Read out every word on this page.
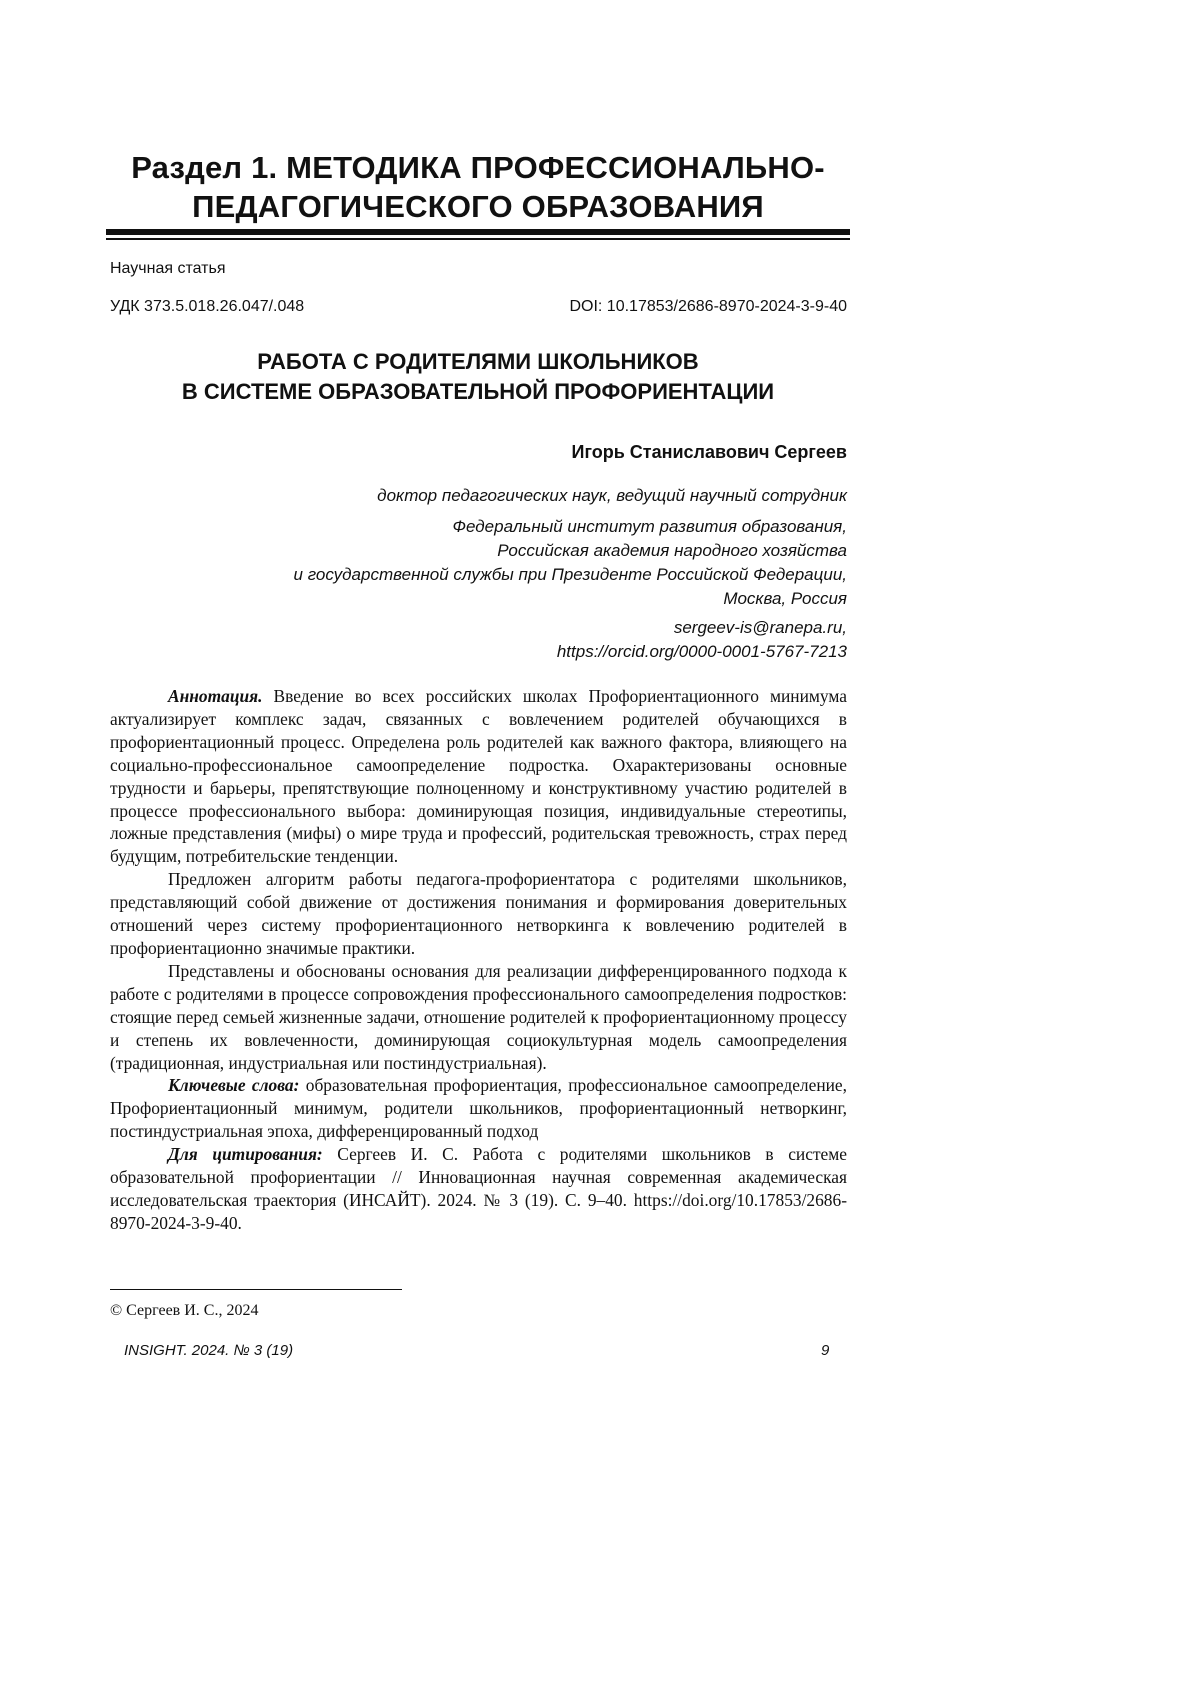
Раздел 1. МЕТОДИКА ПРОФЕССИОНАЛЬНО-
ПЕДАГОГИЧЕСКОГО ОБРАЗОВАНИЯ
Научная статья
УДК 373.5.018.26.047/.048	DOI: 10.17853/2686-8970-2024-3-9-40
РАБОТА С РОДИТЕЛЯМИ ШКОЛЬНИКОВ
В СИСТЕМЕ ОБРАЗОВАТЕЛЬНОЙ ПРОФОРИЕНТАЦИИ
Игорь Станиславович Сергеев
доктор педагогических наук, ведущий научный сотрудник
Федеральный институт развития образования,
Российская академия народного хозяйства
и государственной службы при Президенте Российской Федерации,
Москва, Россия
sergeev-is@ranepa.ru,
https://orcid.org/0000-0001-5767-7213

Аннотация. Введение во всех российских школах Профориентационного минимума актуализирует комплекс задач, связанных с вовлечением родителей обучающихся в профориентационный процесс. Определена роль родителей как важного фактора, влияющего на социально-профессиональное самоопределение подростка. Охарактеризованы основные трудности и барьеры, препятствующие полноценному и конструктивному участию родителей в процессе профессионального выбора: доминирующая позиция, индивидуальные стереотипы, ложные представления (мифы) о мире труда и профессий, родительская тревожность, страх перед будущим, потребительские тенденции.

Предложен алгоритм работы педагога-профориентатора с родителями школьников, представляющий собой движение от достижения понимания и формирования доверительных отношений через систему профориентационного нетворкинга к вовлечению родителей в профориентационно значимые практики.

Представлены и обоснованы основания для реализации дифференцированного подхода к работе с родителями в процессе сопровождения профессионального самоопределения подростков: стоящие перед семьей жизненные задачи, отношение родителей к профориентационному процессу и степень их вовлеченности, доминирующая социокультурная модель самоопределения (традиционная, индустриальная или постиндустриальная).

Ключевые слова: образовательная профориентация, профессиональное самоопределение, Профориентационный минимум, родители школьников, профориентационный нетворкинг, постиндустриальная эпоха, дифференцированный подход

Для цитирования: Сергеев И. С. Работа с родителями школьников в системе образовательной профориентации // Инновационная научная современная академическая исследовательская траектория (ИНСАЙТ). 2024. № 3 (19). С. 9–40. https://doi.org/10.17853/2686-8970-2024-3-9-40.

© Сергеев И. С., 2024
INSIGHT. 2024. № 3 (19)	9
